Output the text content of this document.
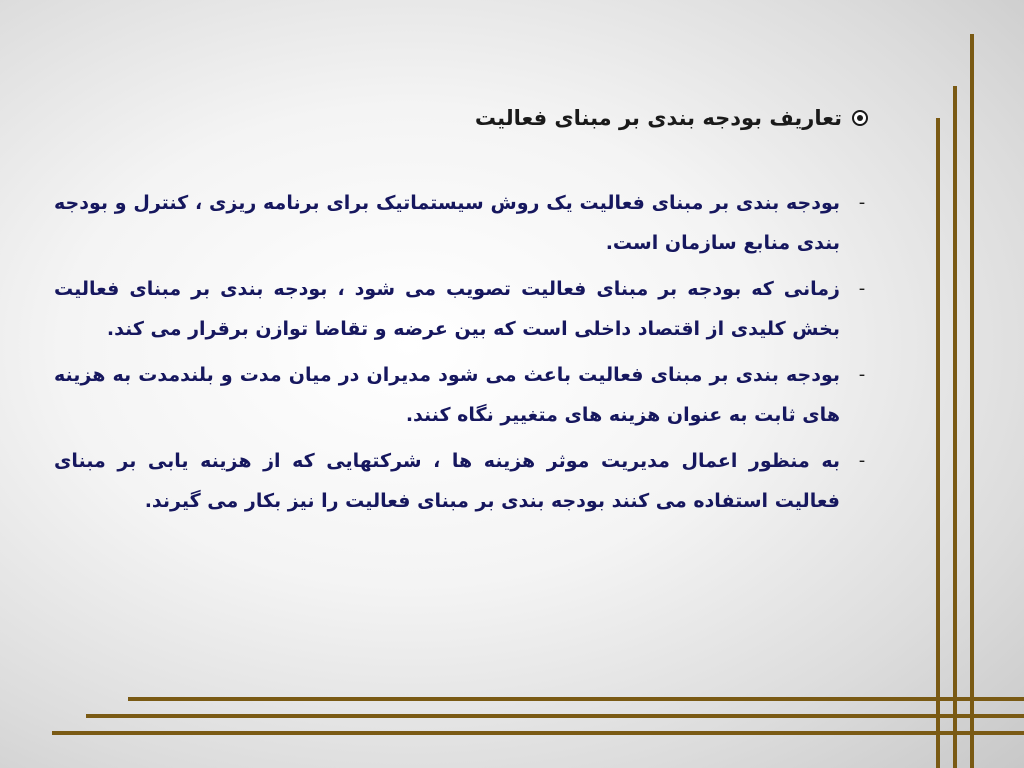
تعاریف بودجه بندی بر مبنای فعالیت
-
بودجه بندی بر مبنای فعالیت یک روش سیستماتیک برای برنامه ریزی ، کنترل و بودجه بندی منابع سازمان است.
-
زمانی که بودجه بر مبنای فعالیت تصویب می شود ، بودجه بندی بر مبنای فعالیت بخش کلیدی از اقتصاد داخلی است که بین عرضه و تقاضا توازن برقرار می کند.
-
بودجه بندی بر مبنای فعالیت باعث می شود مدیران در میان مدت و بلندمدت به هزینه های ثابت به عنوان هزینه های متغییر نگاه کنند.
-
به منظور اعمال مدیریت موثر هزینه ها ، شرکتهایی که از هزینه یابی بر مبنای فعالیت استفاده می کنند بودجه بندی بر مبنای فعالیت را نیز بکار می گیرند.
